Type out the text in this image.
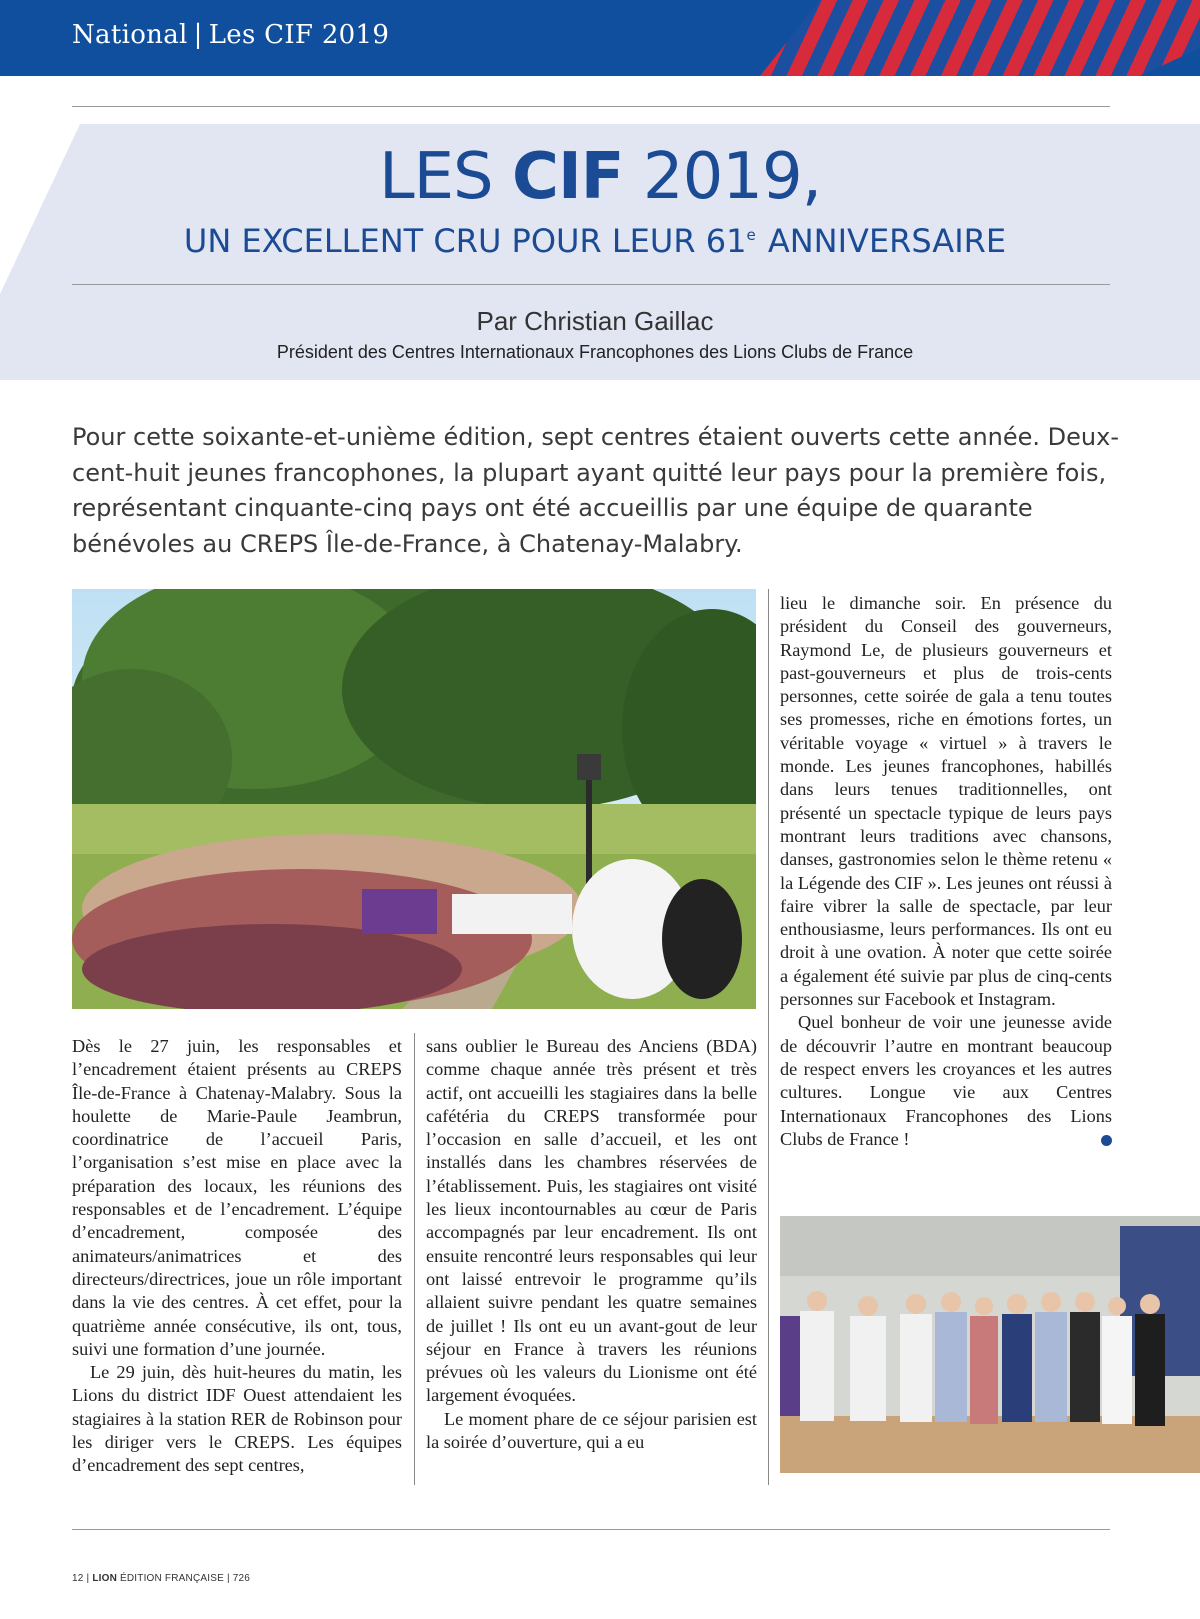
National | Les CIF 2019
LES CIF 2019,
UN EXCELLENT CRU POUR LEUR 61e ANNIVERSAIRE
Par Christian Gaillac
Président des Centres Internationaux Francophones des Lions Clubs de France
Pour cette soixante-et-unième édition, sept centres étaient ouverts cette année. Deux-cent-huit jeunes francophones, la plupart ayant quitté leur pays pour la première fois, représentant cinquante-cinq pays ont été accueillis par une équipe de quarante bénévoles au CREPS Île-de-France, à Chatenay-Malabry.

Dès le 27 juin, les responsables et l’encadrement étaient présents au CREPS Île-de-France à Chatenay-Malabry. Sous la houlette de Marie-Paule Jeambrun, coordinatrice de l’accueil Paris, l’organisation s’est mise en place avec la préparation des locaux, les réunions des responsables et de l’encadrement. L’équipe d’encadrement, composée des animateurs/animatrices et des directeurs/directrices, joue un rôle important dans la vie des centres. À cet effet, pour la quatrième année consécutive, ils ont, tous, suivi une formation d’une journée.

Le 29 juin, dès huit-heures du matin, les Lions du district IDF Ouest attendaient les stagiaires à la station RER de Robinson pour les diriger vers le CREPS. Les équipes d’encadrement des sept centres,

sans oublier le Bureau des Anciens (BDA) comme chaque année très présent et très actif, ont accueilli les stagiaires dans la belle cafétéria du CREPS transformée pour l’occasion en salle d’accueil, et les ont installés dans les chambres réservées de l’établissement. Puis, les stagiaires ont visité les lieux incontournables au cœur de Paris accompagnés par leur encadrement. Ils ont ensuite rencontré leurs responsables qui leur ont laissé entrevoir le programme qu’ils allaient suivre pendant les quatre semaines de juillet ! Ils ont eu un avant-gout de leur séjour en France à travers les réunions prévues où les valeurs du Lionisme ont été largement évoquées.

Le moment phare de ce séjour parisien est la soirée d’ouverture, qui a eu

lieu le dimanche soir. En présence du président du Conseil des gouverneurs, Raymond Le, de plusieurs gouverneurs et past-gouverneurs et plus de trois-cents personnes, cette soirée de gala a tenu toutes ses promesses, riche en émotions fortes, un véritable voyage « virtuel » à travers le monde. Les jeunes francophones, habillés dans leurs tenues traditionnelles, ont présenté un spectacle typique de leurs pays montrant leurs traditions avec chansons, danses, gastronomies selon le thème retenu « la Légende des CIF ». Les jeunes ont réussi à faire vibrer la salle de spectacle, par leur enthousiasme, leurs performances. Ils ont eu droit à une ovation. À noter que cette soirée a également été suivie par plus de cinq-cents personnes sur Facebook et Instagram.

Quel bonheur de voir une jeunesse avide de découvrir l’autre en montrant beaucoup de respect envers les croyances et les autres cultures. Longue vie aux Centres Internationaux Francophones des Lions Clubs de France !

12 | LION ÉDITION FRANÇAISE | 726
